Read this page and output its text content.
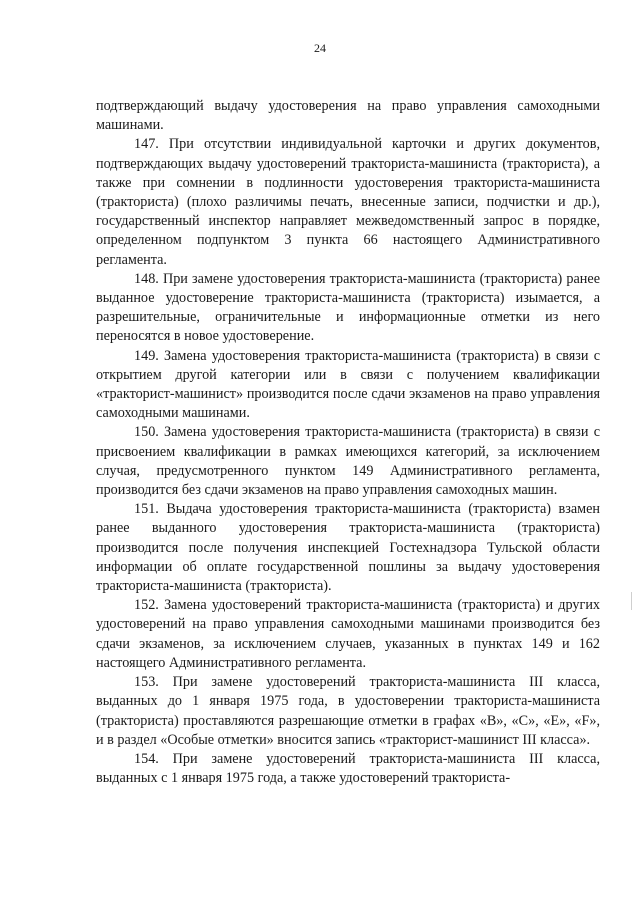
24

подтверждающий выдачу удостоверения на право управления самоходными машинами.

147. При отсутствии индивидуальной карточки и других документов, подтверждающих выдачу удостоверений тракториста-машиниста (тракториста), а также при сомнении в подлинности удостоверения тракториста-машиниста (тракториста) (плохо различимы печать, внесенные записи, подчистки и др.), государственный инспектор направляет межведомственный запрос в порядке, определенном подпунктом 3 пункта 66 настоящего Административного регламента.

148. При замене удостоверения тракториста-машиниста (тракториста) ранее выданное удостоверение тракториста-машиниста (тракториста) изымается, а разрешительные, ограничительные и информационные отметки из него переносятся в новое удостоверение.

149. Замена удостоверения тракториста-машиниста (тракториста) в связи с открытием другой категории или в связи с получением квалификации «тракторист-машинист» производится после сдачи экзаменов на право управления самоходными машинами.

150. Замена удостоверения тракториста-машиниста (тракториста) в связи с присвоением квалификации в рамках имеющихся категорий, за исключением случая, предусмотренного пунктом 149 Административного регламента, производится без сдачи экзаменов на право управления самоходных машин.

151. Выдача удостоверения тракториста-машиниста (тракториста) взамен ранее выданного удостоверения тракториста-машиниста (тракториста) производится после получения инспекцией Гостехнадзора Тульской области информации об оплате государственной пошлины за выдачу удостоверения тракториста-машиниста (тракториста).

152. Замена удостоверений тракториста-машиниста (тракториста) и других удостоверений на право управления самоходными машинами производится без сдачи экзаменов, за исключением случаев, указанных в пунктах 149 и 162 настоящего Административного регламента.

153. При замене удостоверений тракториста-машиниста III класса, выданных до 1 января 1975 года, в удостоверении тракториста-машиниста (тракториста) проставляются разрешающие отметки в графах «В», «С», «Е», «F», и в раздел «Особые отметки» вносится запись «тракторист-машинист III класса».

154. При замене удостоверений тракториста-машиниста III класса, выданных с 1 января 1975 года, а также удостоверений тракториста-
